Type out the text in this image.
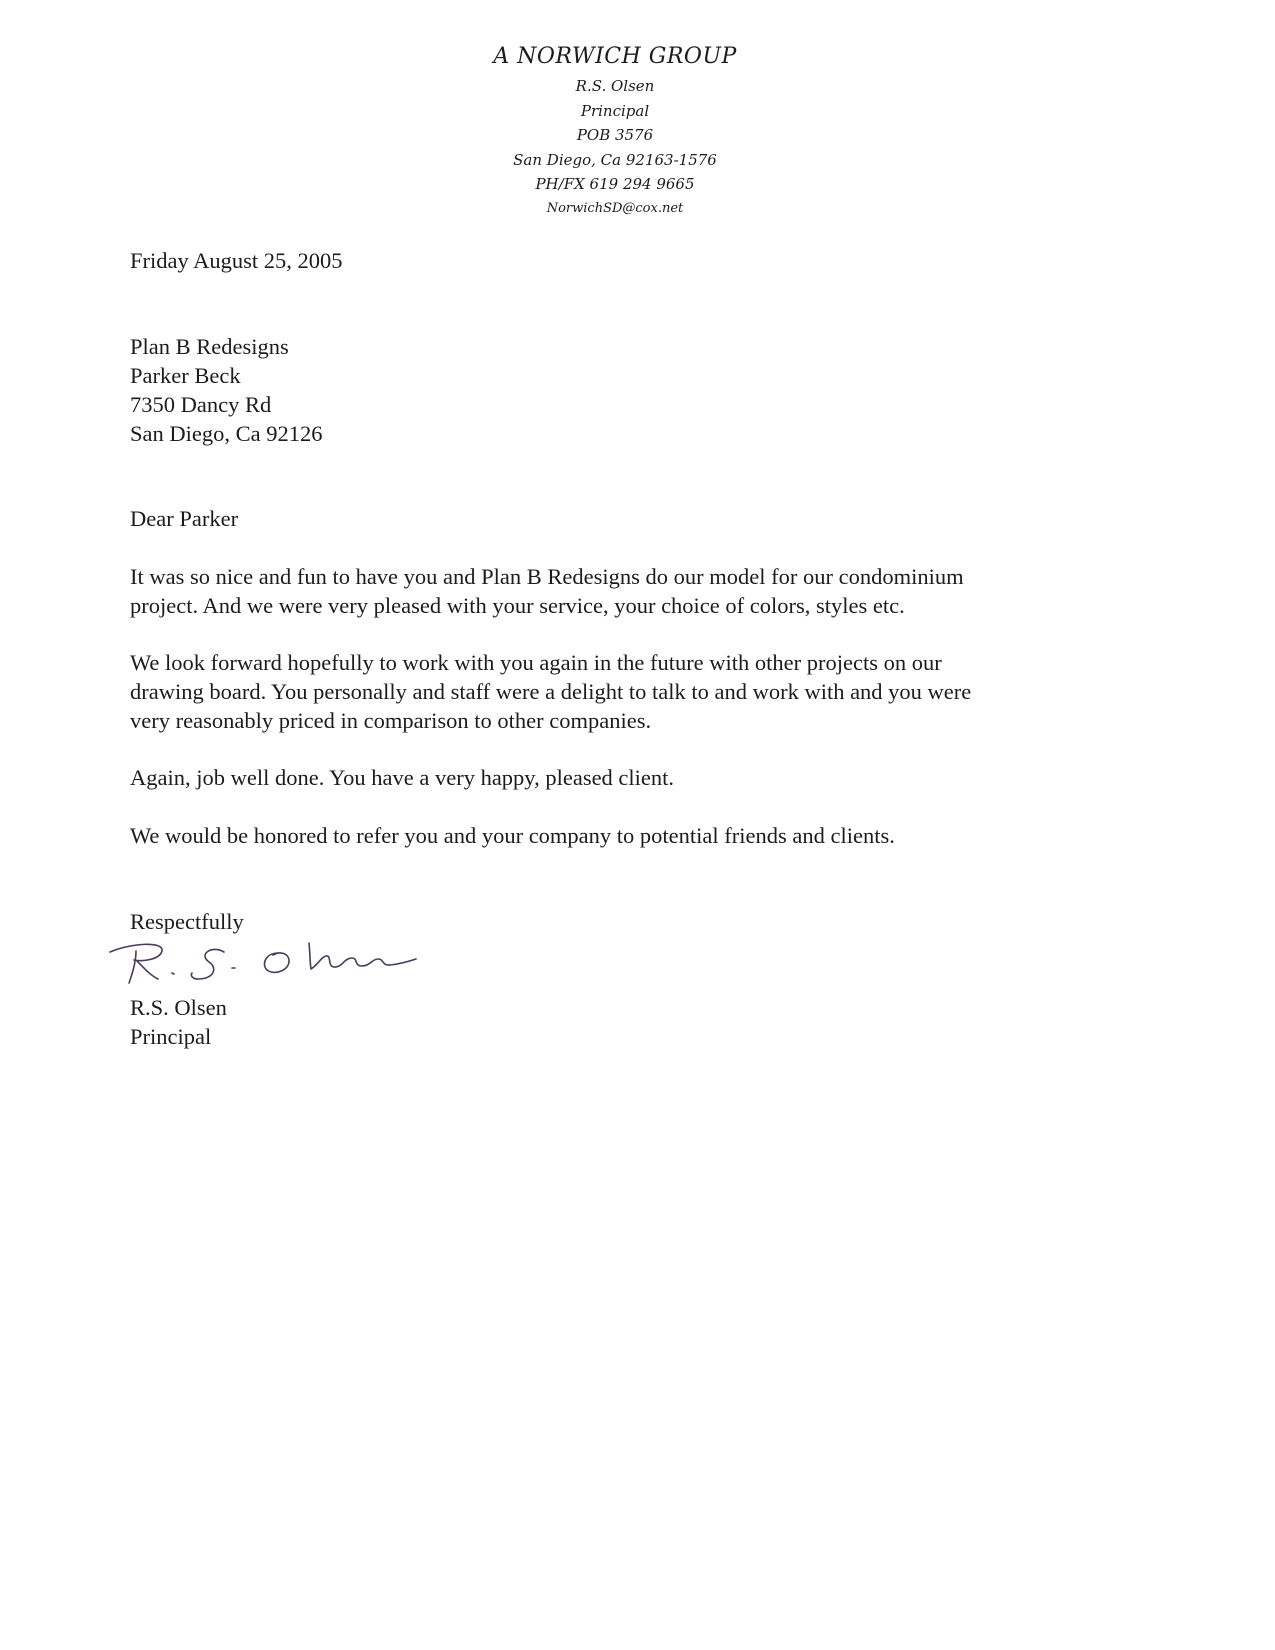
A NORWICH GROUP
R.S. Olsen
Principal
POB 3576
San Diego, Ca 92163-1576
PH/FX 619 294 9665
NorwichSD@cox.net
Friday August 25, 2005
Plan B Redesigns
Parker Beck
7350 Dancy Rd
San Diego, Ca 92126
Dear Parker
It was so nice and fun to have you and Plan B Redesigns do our model for our condominium
project. And we were very pleased with your service, your choice of colors, styles etc.
We look forward hopefully to work with you again in the future with other projects on our
drawing board. You personally and staff were a delight to talk to and work with and you were
very reasonably priced in comparison to other companies.
Again, job well done. You have a very happy, pleased client.
We would be honored to refer you and your company to potential friends and clients.
Respectfully
R.S. Olsen
Principal
